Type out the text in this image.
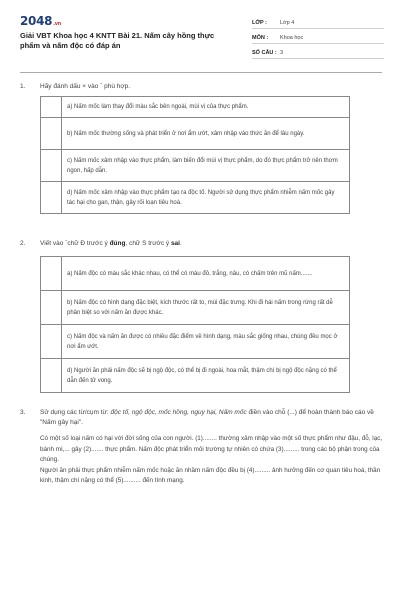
2048.vn
Giải VBT Khoa học 4 KNTT Bài 21. Nấm cây hồng thực phẩm và nấm độc có đáp án
LỚP :	Lớp 4
MÔN :	Khoa học
SỐ CÂU : 3
1.	Hãy đánh dấu × vào ˉ phù hợp.
	a) Nấm mốc làm thay đổi màu sắc bên ngoài, mùi vị của thực phẩm.
	b) Nấm mốc thường sống và phát triển ở nơi ẩm ướt, xâm nhập vào thức ăn để lâu ngày.
	c) Nấm mốc xâm nhập vào thực phẩm, làm biến đổi mùi vị thực phẩm, do đó thực phẩm trở nên thơm ngon, hấp dẫn.
	d) Nấm mốc xâm nhập vào thực phẩm tạo ra độc tố. Người sử dụng thực phẩm nhiễm nấm mốc gây tác hại cho gan, thận, gây rối loạn tiêu hoá.
2.	Viết vào ˉchữ Đ trước ý đúng, chữ S trước ý sai.
	a) Nấm độc có màu sắc khác nhau, có thể có màu đỏ, trắng, nâu, có chấm trên mũ nấm.......
	b) Nấm độc có hình dạng đặc biệt, kích thước rất to, mùi đặc trưng. Khi đi hái nấm trong rừng rất dễ phân biệt so với nấm ăn được khác.
	c) Nấm độc và nấm ăn được có nhiều đặc điểm về hình dạng, màu sắc giống nhau, chúng đều mọc ở nơi ẩm ướt.
	d) Người ăn phải nấm độc sẽ bị ngộ độc, có thể bị đi ngoài, hoa mắt, thậm chí bị ngộ độc nặng có thể dẫn đến tử vong.
3.	Sử dụng các từ/cụm từ: độc tố, ngộ độc, mốc hồng, nguy hại, Nấm mốc điền vào chỗ (...) để hoàn thành báo cáo về "Nấm gây hại".

Có một số loại nấm có hại với đời sống của con người. (1)........ thường xâm nhập vào một số thực phẩm như đậu, đỗ, lạc, bánh mì,... gây (2)....... thực phẩm. Nấm độc phát triển môi trường tự nhiên có chứa (3)......... trong các bộ phận trong của chúng.

Người ăn phải thực phẩm nhiễm nấm mốc hoặc ăn nhầm nấm độc đều bị (4)......... ảnh hưởng đến cơ quan tiêu hoá, thần kinh, thậm chí nặng có thể (5).......... đến tính mạng.
